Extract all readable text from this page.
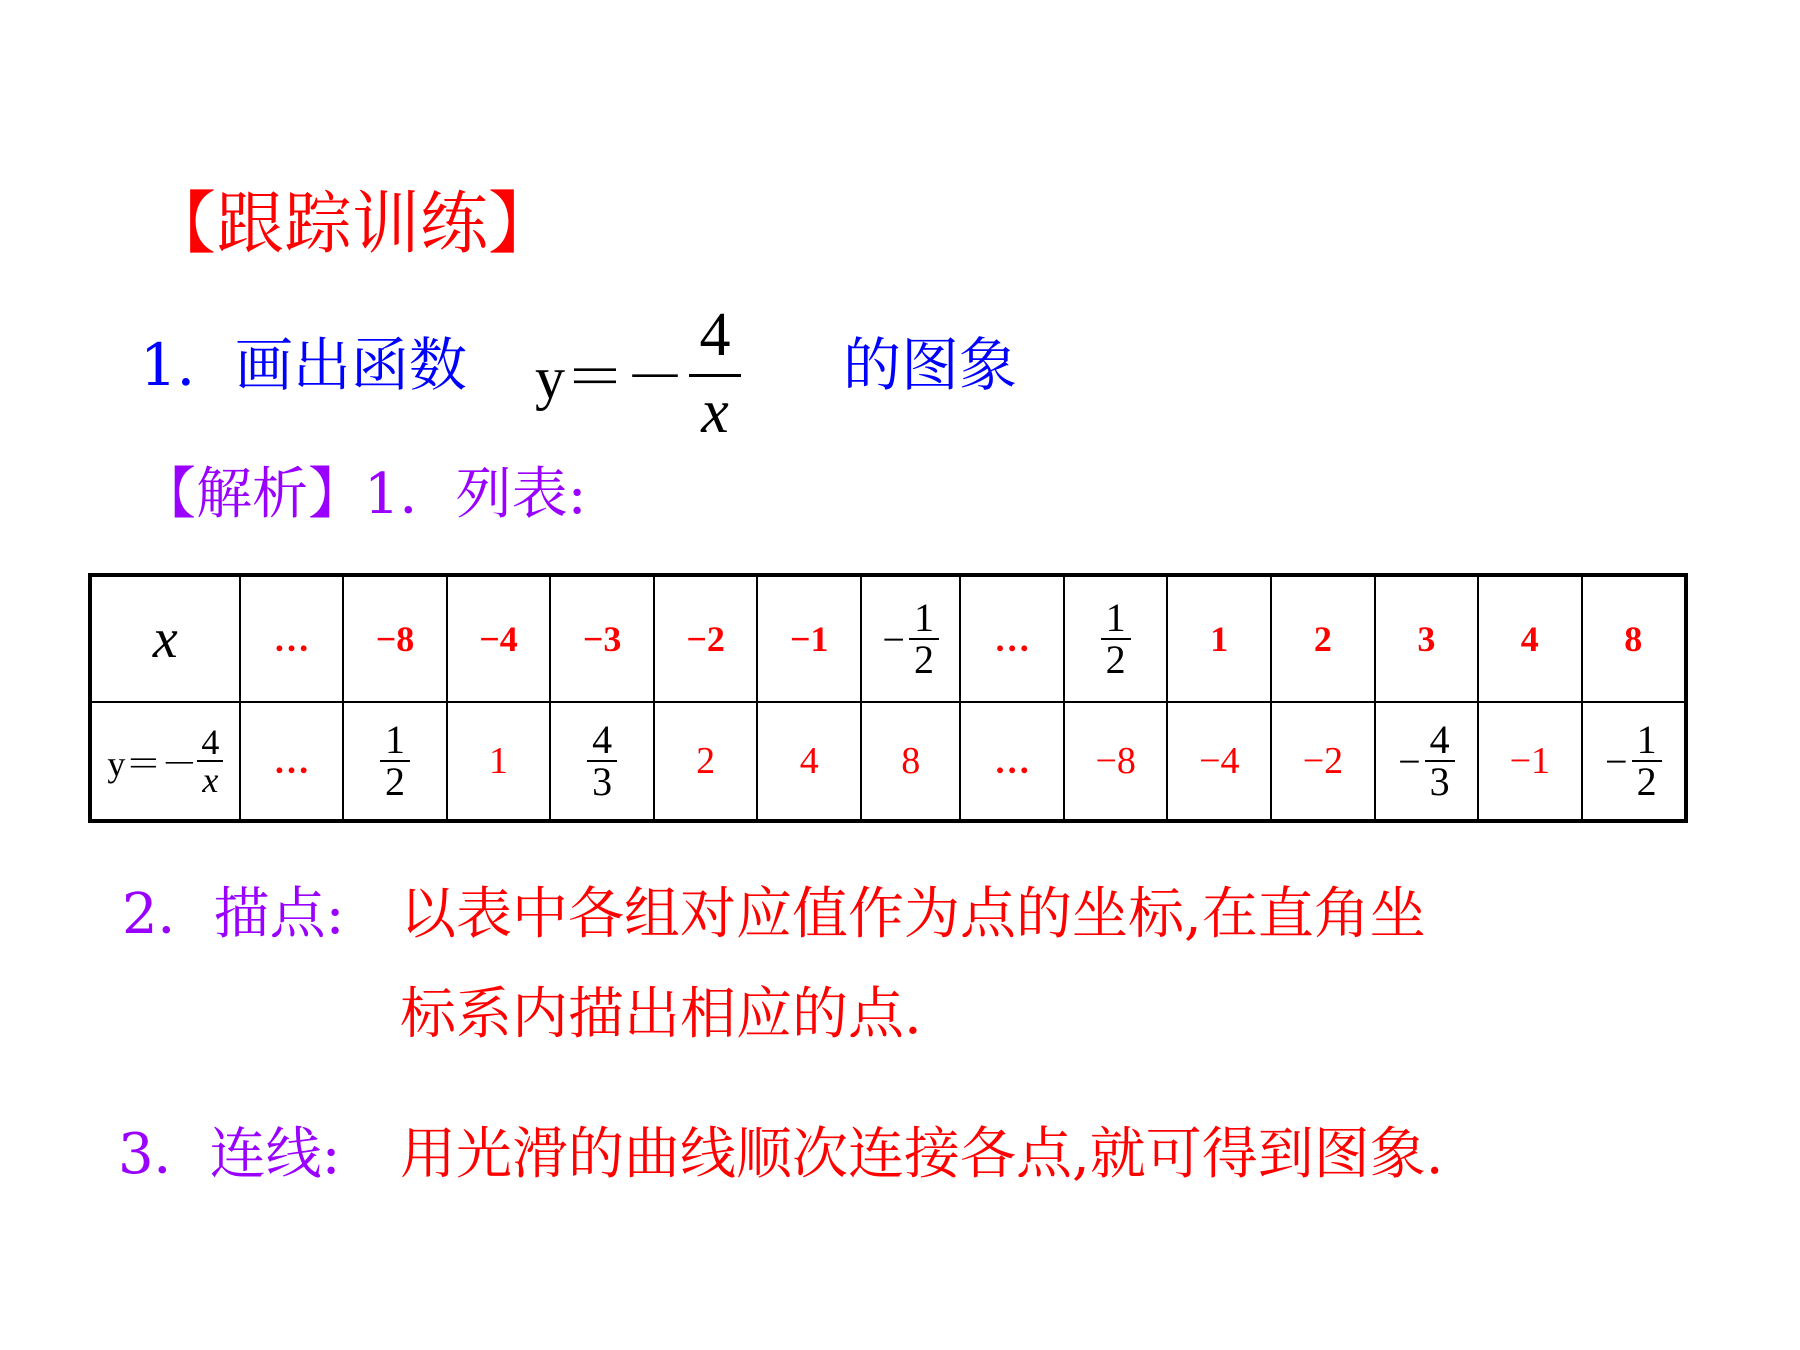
【跟踪训练】
1．画出函数 $y=- \frac{4}{x}$ 的图象
【解析】1．列表:
x	…	−8	−4	−3	−2	−1	− $\frac{1}{2}$	…	$\frac{1}{2}$	1	2	3	4	8

$y=- \frac{4}{x}$	…	$\frac{1}{2}$	1	$\frac{4}{3}$	2	4	8	…	−8	−4	−2	− $\frac{4}{3}$	−1	− $\frac{1}{2}$
2．描点: 以表中各组对应值作为点的坐标,在直角坐
标系内描出相应的点.
3．连线: 用光滑的曲线顺次连接各点,就可得到图象.
